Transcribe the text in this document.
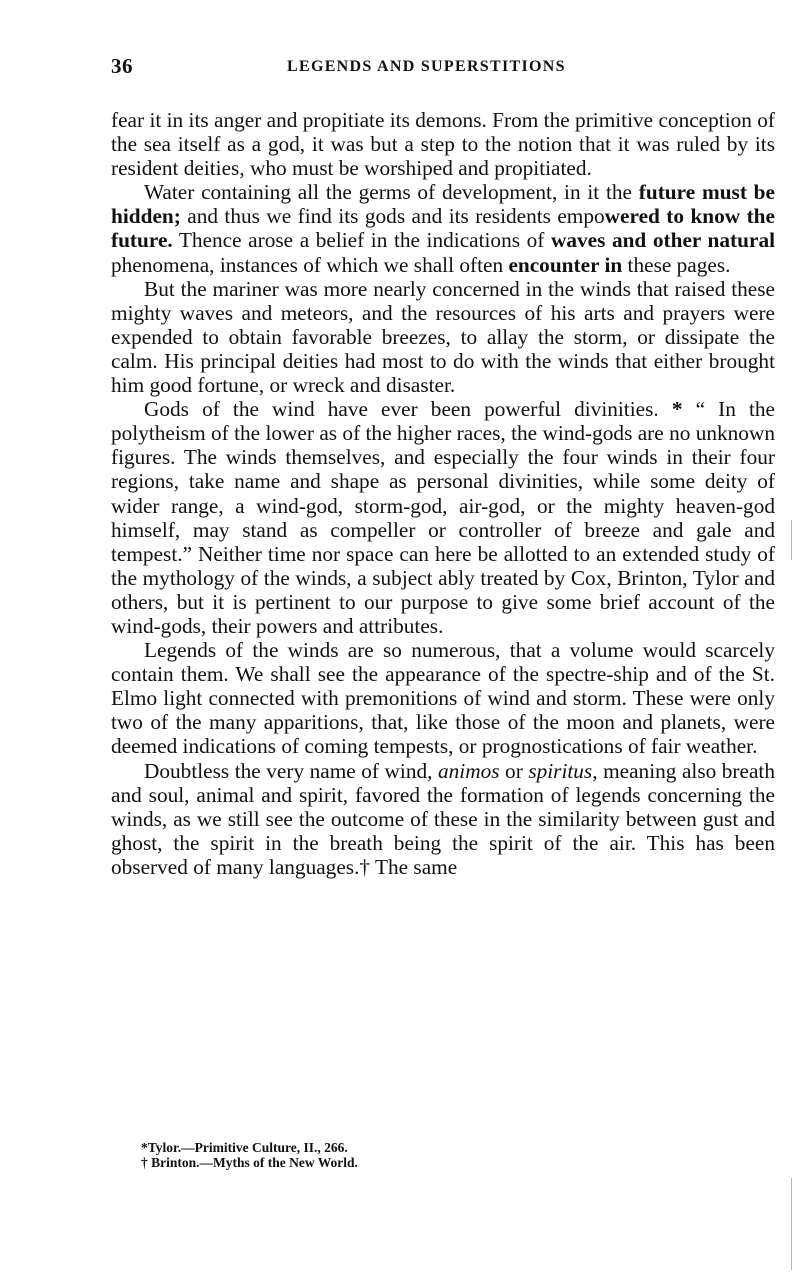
36	LEGENDS AND SUPERSTITIONS

fear it in its anger and propitiate its demons. From the primitive conception of the sea itself as a god, it was but a step to the notion that it was ruled by its resident deities, who must be worshiped and propitiated.

Water containing all the germs of development, in it the future must be hidden; and thus we find its gods and its residents empowered to know the future. Thence arose a belief in the indications of waves and other natural phenomena, instances of which we shall often encounter in these pages.

But the mariner was more nearly concerned in the winds that raised these mighty waves and meteors, and the resources of his arts and prayers were expended to obtain favorable breezes, to allay the storm, or dissipate the calm. His principal deities had most to do with the winds that either brought him good fortune, or wreck and disaster.

Gods of the wind have ever been powerful divinities. * “ In the polytheism of the lower as of the higher races, the wind-gods are no unknown figures. The winds themselves, and especially the four winds in their four regions, take name and shape as personal divinities, while some deity of wider range, a wind-god, storm-god, air-god, or the mighty heaven-god himself, may stand as compeller or controller of breeze and gale and tempest.” Neither time nor space can here be allotted to an extended study of the mythology of the winds, a subject ably treated by Cox, Brinton, Tylor and others, but it is pertinent to our purpose to give some brief account of the wind-gods, their powers and attributes.

Legends of the winds are so numerous, that a volume would scarcely contain them. We shall see the appearance of the spectre-ship and of the St. Elmo light connected with premonitions of wind and storm. These were only two of the many apparitions, that, like those of the moon and planets, were deemed indications of coming tempests, or prognostications of fair weather.

Doubtless the very name of wind, animos or spiritus, meaning also breath and soul, animal and spirit, favored the formation of legends concerning the winds, as we still see the outcome of these in the similarity between gust and ghost, the spirit in the breath being the spirit of the air. This has been observed of many languages.† The same

*Tylor.—Primitive Culture, II., 266.
† Brinton.—Myths of the New World.
